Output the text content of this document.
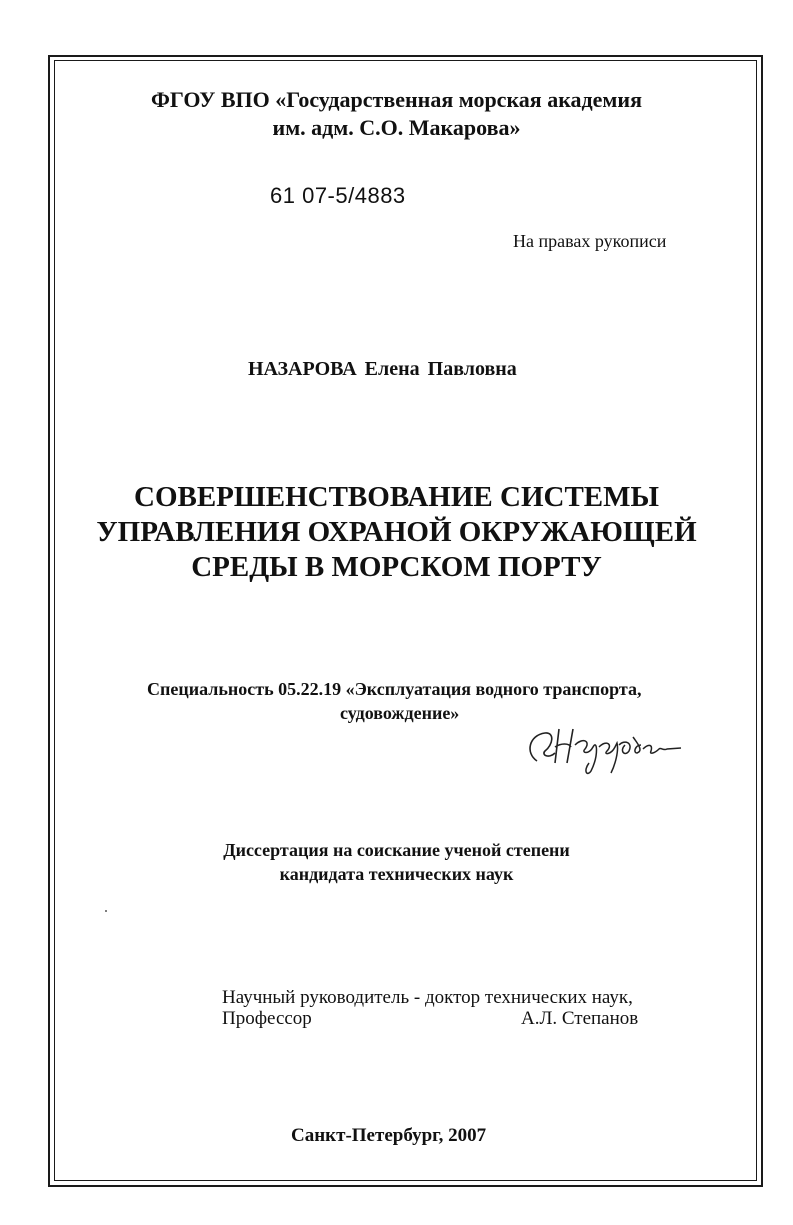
ФГОУ ВПО «Государственная морская академия
им. адм. С.О. Макарова»
61 07-5/4883
На правах рукописи
НАЗАРОВА Елена Павловна
СОВЕРШЕНСТВОВАНИЕ СИСТЕМЫ
УПРАВЛЕНИЯ ОХРАНОЙ ОКРУЖАЮЩЕЙ
СРЕДЫ В МОРСКОМ ПОРТУ
Специальность 05.22.19 «Эксплуатация водного транспорта,
судовождение»	Назарова
Диссертация на соискание ученой степени
кандидата технических наук
Научный руководитель - доктор технических наук,
Профессор	А.Л. Степанов
Санкт-Петербург, 2007
